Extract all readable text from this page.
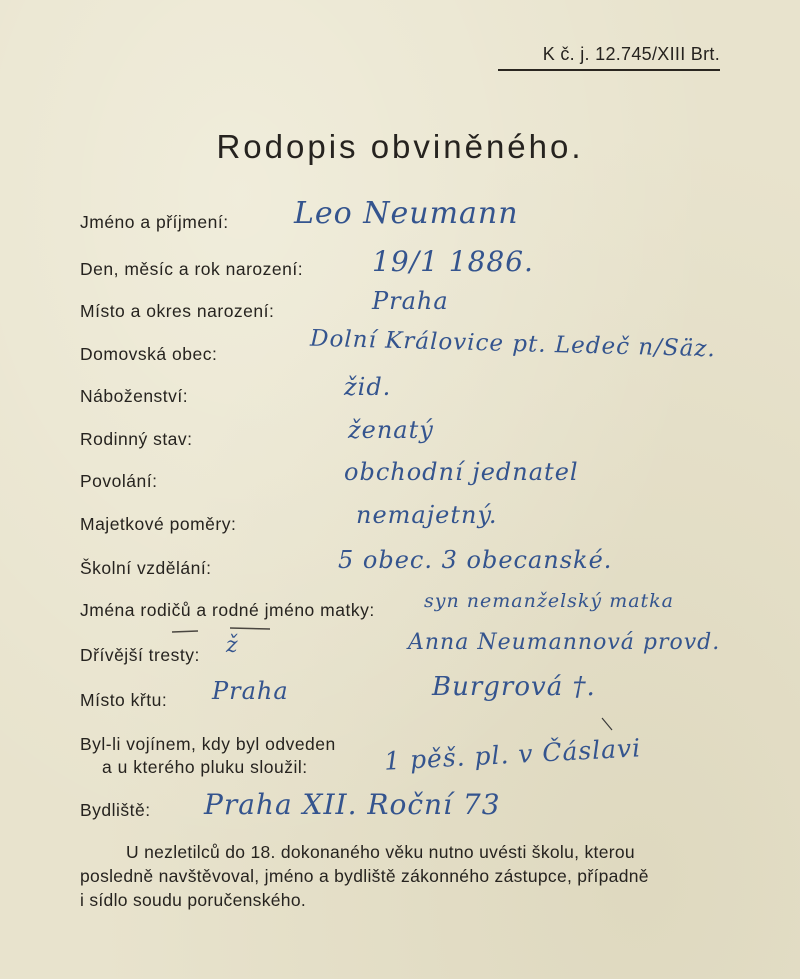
K č. j. 12.745/XIII Brt.
Rodopis obviněného.
Jméno a příjmení:
Den, měsíc a rok narození:
Místo a okres narození:
Domovská obec:
Náboženství:
Rodinný stav:
Povolání:
Majetkové poměry:
Školní vzdělání:
Jména rodičů a rodné jméno matky:
Dřívější tresty:
Místo křtu:
Byl-li vojínem, kdy byl odveden
a u kterého pluku sloužil:
Bydliště:
Leo Neumann
19/1 1886.
Praha
Dolní Královice pt. Ledeč n/Säz.
žid.
ženatý
obchodní jednatel
nemajetný.
5 obec. 3 obecanské.
syn nemanželský matka
Anna Neumannová provd.
Burgrová †.
ž
Praha
1 pěš. pl. v Čáslavi
Praha XII. Roční 73
U nezletilců do 18. dokonaného věku nutno uvésti školu, kterou
posledně navštěvoval, jméno a bydliště zákonného zástupce, případně
i sídlo soudu poručenského.
